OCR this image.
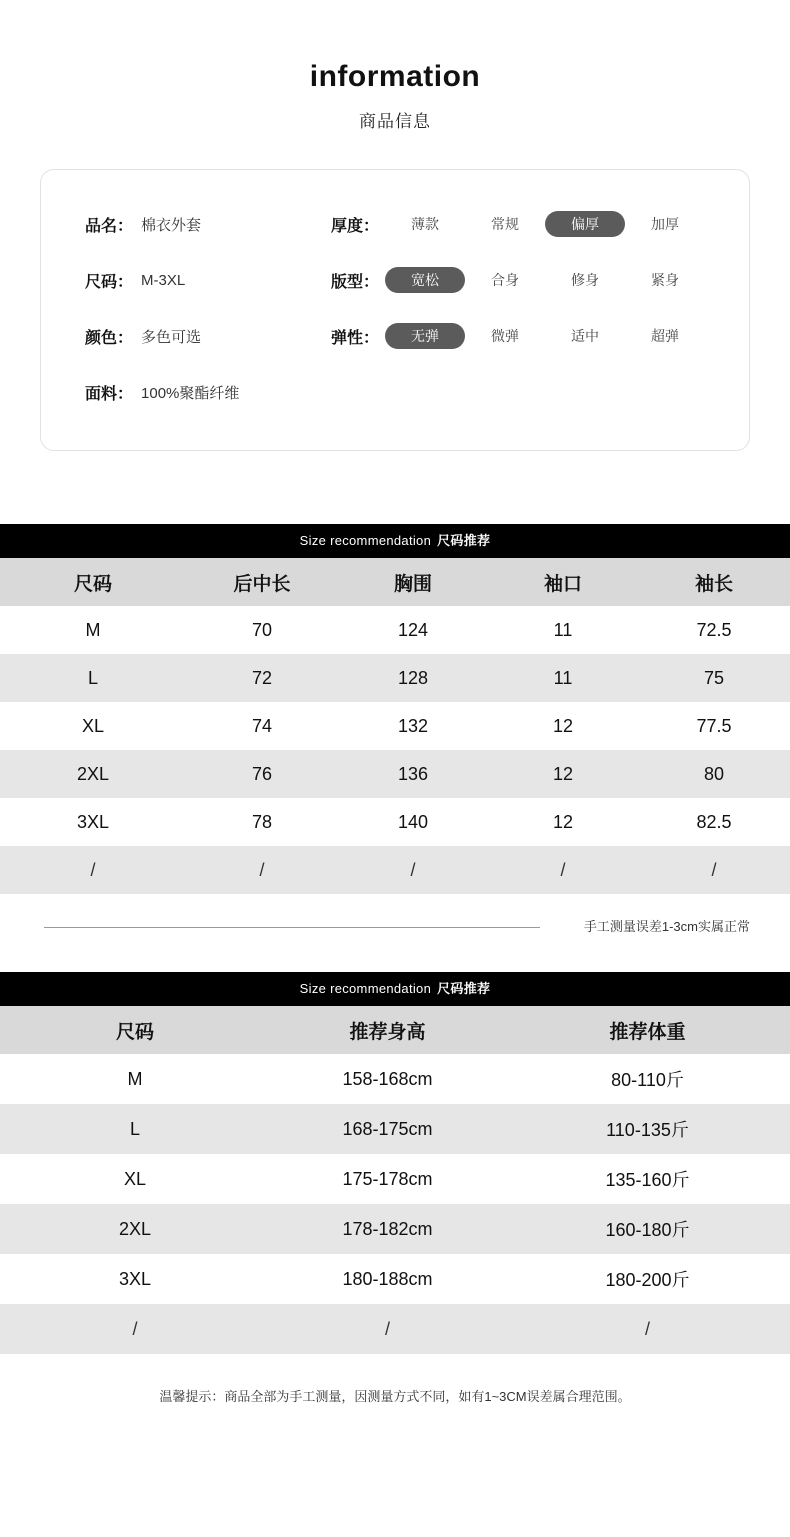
information
商品信息
品名： 棉衣外套	厚度：	薄款	常规	偏厚	加厚
尺码： M-3XL	版型：	宽松	合身	修身	紧身
颜色： 多色可选	弹性：	无弹	微弹	适中	超弹
面料： 100%聚酯纤维
Size recommendation 尺码推荐
尺码	后中长	胸围	袖口	袖长
M	70	124	11	72.5
L	72	128	11	75
XL	74	132	12	77.5
2XL	76	136	12	80
3XL	78	140	12	82.5
/	/	/	/	/
手工测量误差1-3cm实属正常
Size recommendation 尺码推荐
尺码	推荐身高	推荐体重
M	158-168cm	80-110斤
L	168-175cm	110-135斤
XL	175-178cm	135-160斤
2XL	178-182cm	160-180斤
3XL	180-188cm	180-200斤
/	/	/
温馨提示：商品全部为手工测量，因测量方式不同，如有1~3CM误差属合理范围。
